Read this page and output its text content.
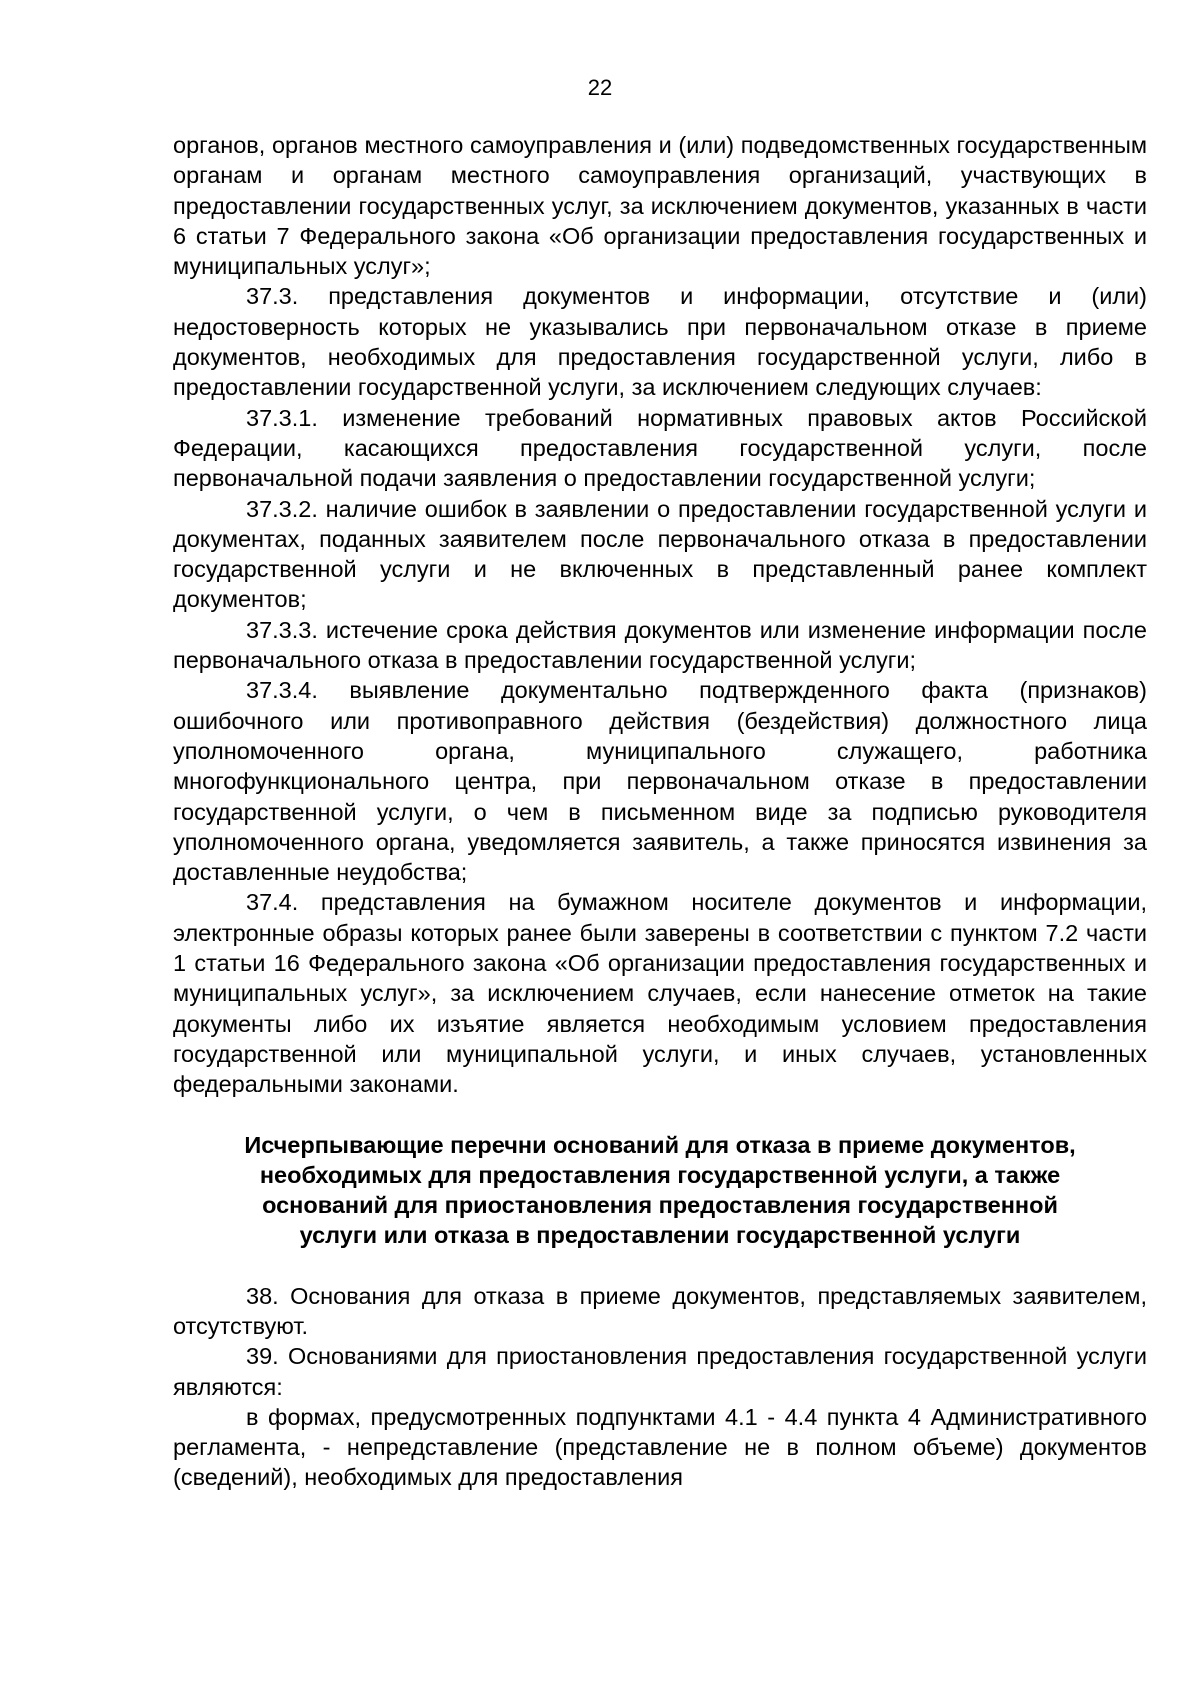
22

органов, органов местного самоуправления и (или) подведомственных государственным органам и органам местного самоуправления организаций, участвующих в предоставлении государственных услуг, за исключением документов, указанных в части 6 статьи 7 Федерального закона «Об организации предоставления государственных и муниципальных услуг»;

37.3. представления документов и информации, отсутствие и (или) недостоверность которых не указывались при первоначальном отказе в приеме документов, необходимых для предоставления государственной услуги, либо в предоставлении государственной услуги, за исключением следующих случаев:

37.3.1. изменение требований нормативных правовых актов Российской Федерации, касающихся предоставления государственной услуги, после первоначальной подачи заявления о предоставлении государственной услуги;

37.3.2. наличие ошибок в заявлении о предоставлении государственной услуги и документах, поданных заявителем после первоначального отказа в предоставлении государственной услуги и не включенных в представленный ранее комплект документов;

37.3.3. истечение срока действия документов или изменение информации после первоначального отказа в предоставлении государственной услуги;

37.3.4. выявление документально подтвержденного факта (признаков) ошибочного или противоправного действия (бездействия) должностного лица уполномоченного органа, муниципального служащего, работника многофункционального центра, при первоначальном отказе в предоставлении государственной услуги, о чем в письменном виде за подписью руководителя уполномоченного органа, уведомляется заявитель, а также приносятся извинения за доставленные неудобства;

37.4. представления на бумажном носителе документов и информации, электронные образы которых ранее были заверены в соответствии с пунктом 7.2 части 1 статьи 16 Федерального закона «Об организации предоставления государственных и муниципальных услуг», за исключением случаев, если нанесение отметок на такие документы либо их изъятие является необходимым условием предоставления государственной или муниципальной услуги, и иных случаев, установленных федеральными законами.

Исчерпывающие перечни оснований для отказа в приеме документов, необходимых для предоставления государственной услуги, а также оснований для приостановления предоставления государственной услуги или отказа в предоставлении государственной услуги

38. Основания для отказа в приеме документов, представляемых заявителем, отсутствуют.

39. Основаниями для приостановления предоставления государственной услуги являются:

в формах, предусмотренных подпунктами 4.1 - 4.4 пункта 4 Административного регламента, - непредставление (представление не в полном объеме) документов (сведений), необходимых для предоставления
